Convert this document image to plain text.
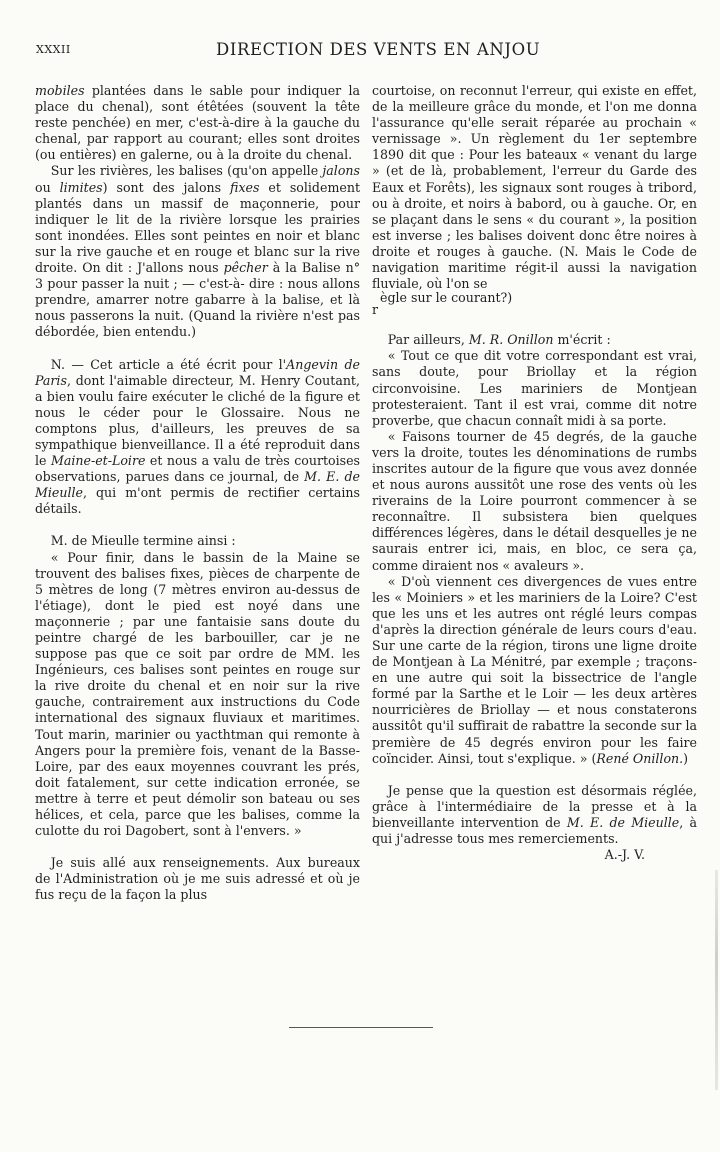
XXXII	DIRECTION DES VENTS EN ANJOU

mobiles plantées dans le sable pour indiquer la place du chenal), sont étêtées (souvent la tête reste penchée) en mer, c'est-à-dire à la gauche du chenal, par rapport au courant; elles sont droites (ou entières) en galerne, ou à la droite du chenal.

Sur les rivières, les balises (qu'on appelle jalons ou limites) sont des jalons fixes et solidement plantés dans un massif de maçonnerie, pour indiquer le lit de la rivière lorsque les prairies sont inondées. Elles sont peintes en noir et blanc sur la rive gauche et en rouge et blanc sur la rive droite. On dit : J'allons nous pêcher à la Balise n° 3 pour passer la nuit ; — c'est-à- dire : nous allons prendre, amarrer notre gabarre à la balise, et là nous passerons la nuit. (Quand la rivière n'est pas débordée, bien entendu.)

N. — Cet article a été écrit pour l'Angevin de Paris, dont l'aimable directeur, M. Henry Coutant, a bien voulu faire exécuter le cliché de la figure et nous le céder pour le Glossaire. Nous ne comptons plus, d'ailleurs, les preuves de sa sympathique bienveillance. Il a été reproduit dans le Maine-et-Loire et nous a valu de très courtoises observations, parues dans ce journal, de M. E. de Mieulle, qui m'ont permis de rectifier certains détails.

M. de Mieulle termine ainsi :

« Pour finir, dans le bassin de la Maine se trouvent des balises fixes, pièces de charpente de 5 mètres de long (7 mètres environ au-dessus de l'étiage), dont le pied est noyé dans une maçonnerie ; par une fantaisie sans doute du peintre chargé de les barbouiller, car je ne suppose pas que ce soit par ordre de MM. les Ingénieurs, ces balises sont peintes en rouge sur la rive droite du chenal et en noir sur la rive gauche, contrairement aux instructions du Code international des signaux fluviaux et maritimes. Tout marin, marinier ou yacthtman qui remonte à Angers pour la première fois, venant de la Basse-Loire, par des eaux moyennes couvrant les prés, doit fatalement, sur cette indication erronée, se mettre à terre et peut démolir son bateau ou ses hélices, et cela, parce que les balises, comme la culotte du roi Dagobert, sont à l'envers. »

Je suis allé aux renseignements. Aux bureaux de l'Administration où je me suis adressé et où je fus reçu de la façon la plus

courtoise, on reconnut l'erreur, qui existe en effet, de la meilleure grâce du monde, et l'on me donna l'assurance qu'elle serait réparée au prochain « vernissage ». Un règlement du 1er septembre 1890 dit que : Pour les bateaux « venant du large » (et de là, probablement, l'erreur du Garde des Eaux et Forêts), les signaux sont rouges à tribord, ou à droite, et noirs à babord, ou à gauche. Or, en se plaçant dans le sens « du courant », la position est inverse ; les balises doivent donc être noires à droite et rouges à gauche. (N. Mais le Code de navigation maritime régit-il aussi la navigation fluviale, où l'on se

ègle sur le courant?)

r

Par ailleurs, M. R. Onillon m'écrit :

« Tout ce que dit votre correspondant est vrai, sans doute, pour Briollay et la région circonvoisine. Les mariniers de Montjean protesteraient. Tant il est vrai, comme dit notre proverbe, que chacun connaît midi à sa porte.

« Faisons tourner de 45 degrés, de la gauche vers la droite, toutes les dénominations de rumbs inscrites autour de la figure que vous avez donnée et nous aurons aussitôt une rose des vents où les riverains de la Loire pourront commencer à se reconnaître. Il subsistera bien quelques différences légères, dans le détail desquelles je ne saurais entrer ici, mais, en bloc, ce sera ça, comme diraient nos « avaleurs ».

« D'où viennent ces divergences de vues entre les « Moiniers » et les mariniers de la Loire? C'est que les uns et les autres ont réglé leurs compas d'après la direction générale de leurs cours d'eau. Sur une carte de la région, tirons une ligne droite de Montjean à La Ménitré, par exemple ; traçons-en une autre qui soit la bissectrice de l'angle formé par la Sarthe et le Loir — les deux artères nourricières de Briollay — et nous constaterons aussitôt qu'il suffirait de rabattre la seconde sur la première de 45 degrés environ pour les faire coïncider. Ainsi, tout s'explique. » (René Onillon.)

Je pense que la question est désormais réglée, grâce à l'intermédiaire de la presse et à la bienveillante intervention de M. E. de Mieulle, à qui j'adresse tous mes remerciements.

A.-J. V.
